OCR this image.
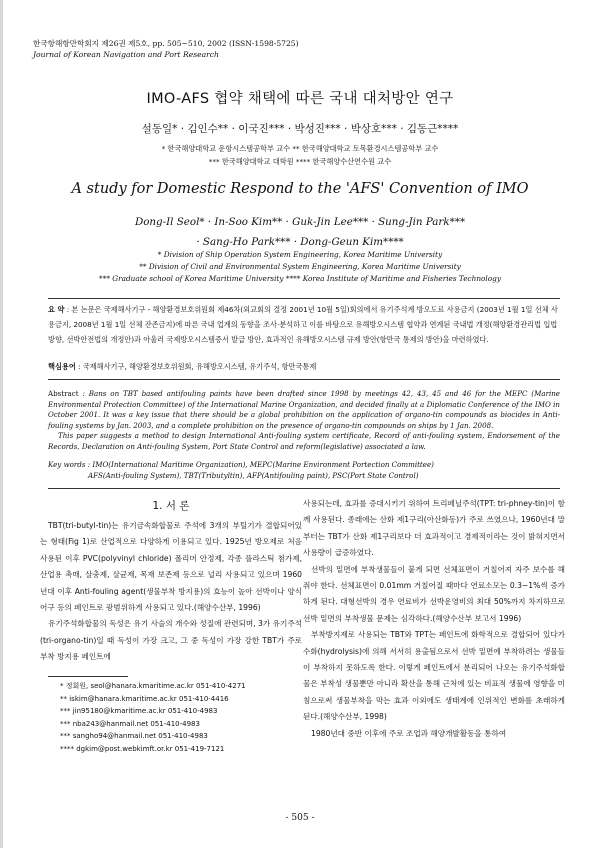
한국항해항만학회지 제26권 제5호, pp. 505~510, 2002 (ISSN-1598-5725)
Journal of Korean Navigation and Port Research
IMO-AFS 협약 채택에 따른 국내 대처방안 연구
설동일* · 김인수** · 이국진*** · 박성진*** · 박상호*** · 김동근****
* 한국해양대학교 운항시스템공학부 교수 ** 한국해양대학교 토목환경시스템공학부 교수
*** 한국해양대학교 대학원 **** 한국해양수산연수원 교수
A study for Domestic Respond to the 'AFS' Convention of IMO
Dong-Il Seol* · In-Soo Kim** · Guk-Jin Lee*** · Sung-Jin Park***
· Sang-Ho Park*** · Dong-Geun Kim****
* Division of Ship Operation System Engineering, Korea Maritime University
** Division of Civil and Environmental System Engineering, Korea Maritime University
*** Graduate school of Korea Maritime University **** Korea Institute of Maritime and Fisheries Technology
요 약 : 본 논문은 국제해사기구 - 해양환경보호위원회 제46차(외교회의 결정 2001년 10월 5일)회의에서 유기주석계 방오도료 사용금지 (2003년 1월 1일 선체 사용금지, 2008년 1월 1일 선체 잔존금지)에 따른 국내 업계의 동향을 조사·분석하고 이를 바탕으로 유해방오시스템 협약과 연계된 국내법 개정(해양환경관리법 입법 방향, 선박안전법의 개정안)과 아울러 국제방오시스템증서 발급 방안, 효과적인 유해방오시스템 규제 방안(항만국 통제의 방안)을 마련하였다.
핵심용어 : 국제해사기구, 해양환경보호위원회, 유해방오시스템, 유기주석, 항만국통제

Abstract : Bans on TBT based antifouling paints have been drafted since 1998 by meetings 42, 43, 45 and 46 for the MEPC (Marine Environmental Protection Committee) of the International Marine Organization, and decided finally at a Diplomatic Conference of the IMO in October 2001. It was a key issue that there should be a global prohibition on the application of organo-tin compounds as biocides in Anti-fouling systems by Jan. 2003, and a complete prohibition on the presence of organo-tin compounds on ships by 1 Jan. 2008.

This paper suggests a method to design International Anti-fouling system certificate, Record of anti-fouling system, Endorsement of the Records, Declaration on Anti-fouling System, Port State Control and reform(legislative) associated a law.

Key words : IMO(International Maritime Organization), MEPC(Marine Environment Portection Committee)
AFS(Anti-fouling System), TBT(Tributyltin), AFP(Antifouling paint), PSC(Port State Control)
1. 서 론

TBT(tri-butyl-tin)는 유기금속화합물로 주석에 3개의 부틸기가 결합되어있는 형태(Fig 1)로 산업적으로 다양하게 이용되고 있다. 1925년 방오제로 처음 사용된 이후 PVC(polyvinyl chloride) 폴리머 안정제, 각종 플라스틱 첨가제, 산업용 촉매, 살충제, 살균제, 목재 보존제 등으로 널리 사용되고 있으며 1960년대 이후 Anti-fouling agent(생물부착 방지용)의 효능이 높아 선박이나 양식어구 등의 페인트로 광범위하게 사용되고 있다.(해양수산부, 1996)

유기주석화합물의 독성은 유기 사슬의 개수와 성질에 관련되며, 3가 유기주석(tri-organo-tin)일 때 독성이 가장 크고, 그 중 독성이 가장 강한 TBT가 주로 부착 방지용 페인트에

* 정회원, seol@hanara.kmaritime.ac.kr 051-410-4271
** iskim@hanara.kmaritime.ac.kr 051-410-4416
*** jin95180@kmaritime.ac.kr 051-410-4983
*** nba243@hanmail.net 051-410-4983
*** sangho94@hanmail.net 051-410-4983
**** dgkim@post.webkimft.or.kr 051-419-7121

사용되는데, 효과를 증대시키기 위하여 트리페닐주석(TPT: tri-phney-tin)이 함께 사용된다. 종래에는 산화 제1구리(아산화동)가 주로 쓰였으나, 1960년대 말부터는 TBT가 산화 제1구리보다 더 효과적이고 경제적이라는 것이 밝혀지면서 사용량이 급증하였다.

선박의 밑면에 부착생물들이 붙게 되면 선체표면이 거칠어져 자주 보수를 해줘야 한다. 선체표면이 0.01mm 거칠어질 때마다 연료소모는 0.3~1%씩 증가하게 된다. 대형선박의 경우 연료비가 선박운영비의 최대 50%까지 차지하므로 선박 밑면의 부착생물 문제는 심각하다.(해양수산부 보고서 1996)

부착방지제로 사용되는 TBT와 TPT는 페인트에 화학적으로 결합되어 있다가 수화(hydrolysis)에 의해 서서히 용출됨으로서 선박 밑면에 부착하려는 생물들이 부착하지 못하도록 한다. 이렇게 페인트에서 분리되어 나오는 유기주석화합물은 부착성 생물뿐만 아니라 확산을 통해 근처에 있는 비표적 생물에 영향을 미침으로써 생물부착을 막는 효과 이외에도 생태계에 인위적인 변화를 초래하게 된다.(해양수산부, 1998)

1980년대 중반 이후에 주로 조업과 해양개발활동을 통하여

- 505 -
